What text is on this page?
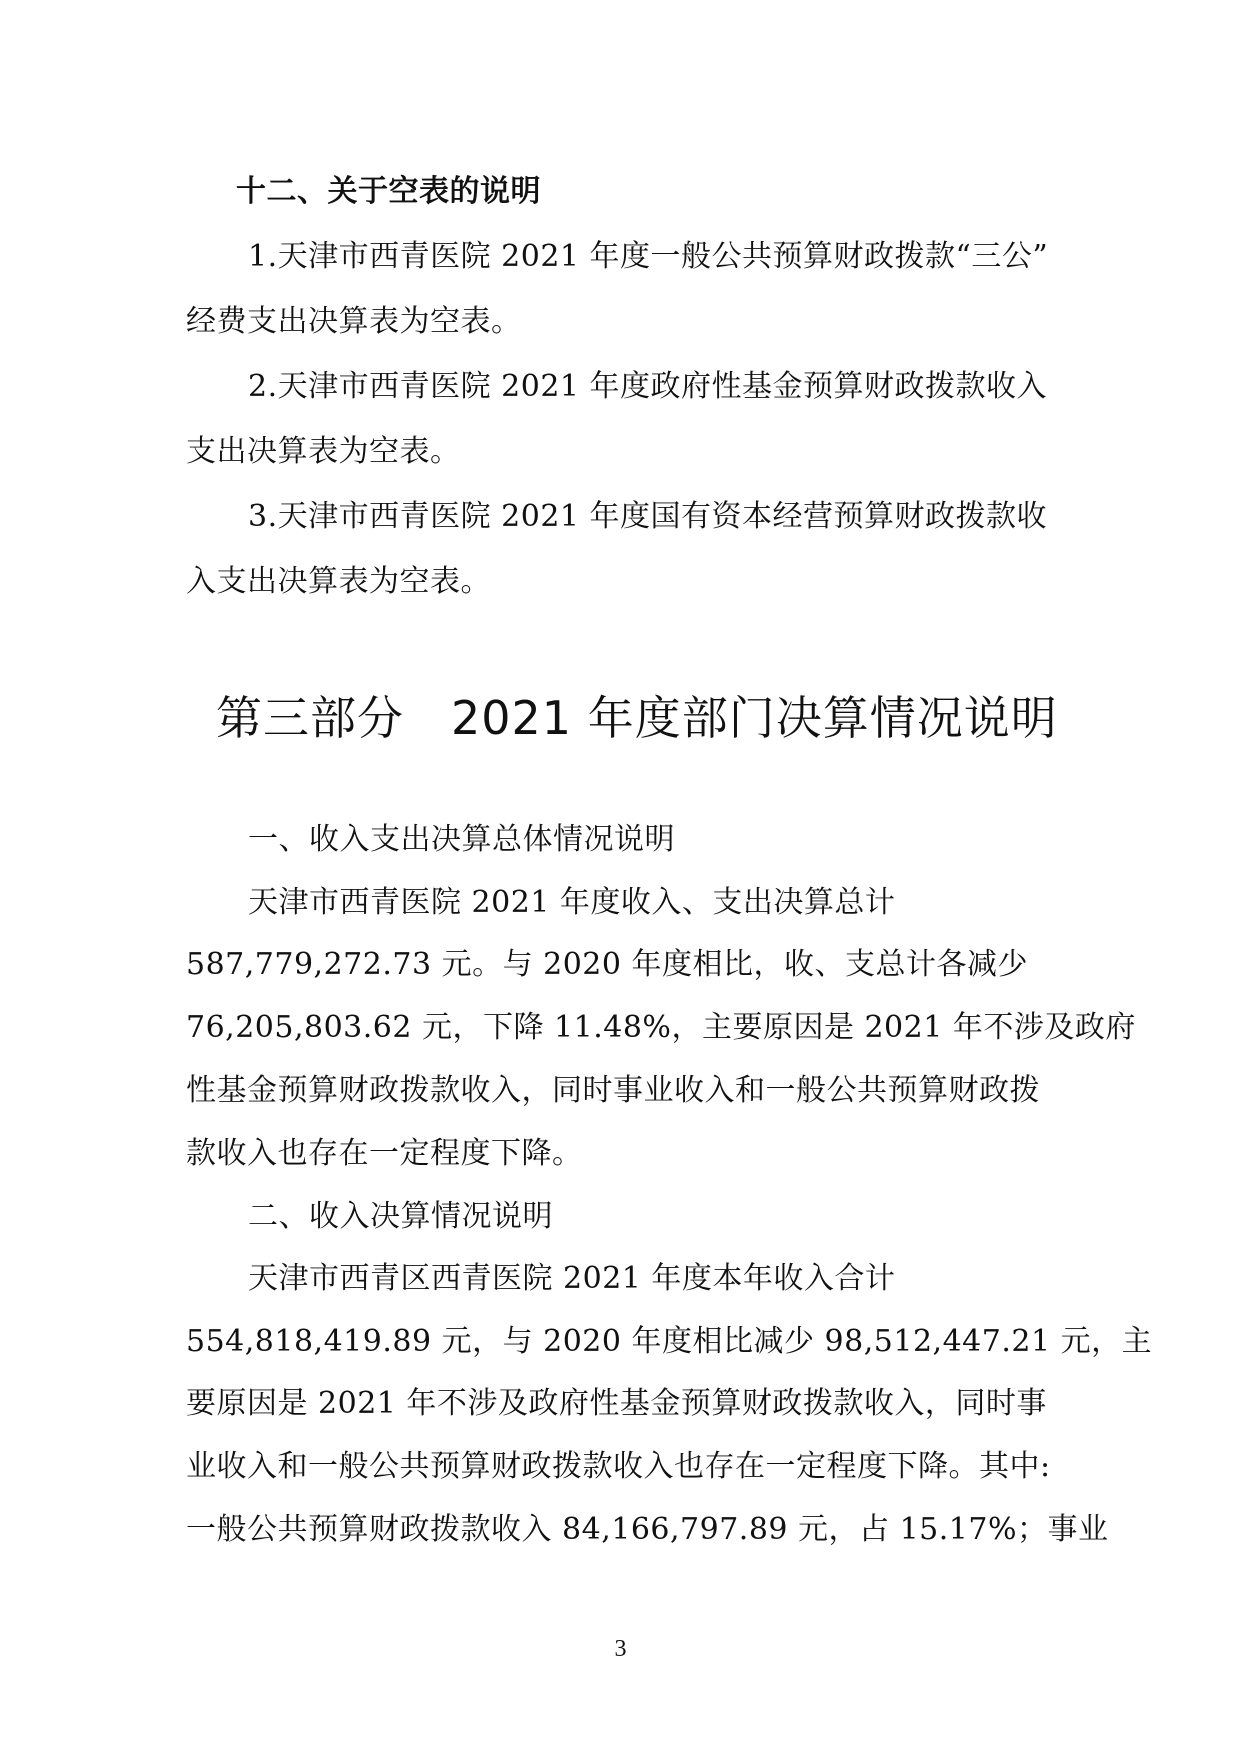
十二、关于空表的说明
1.天津市西青医院 2021 年度一般公共预算财政拨款“三公”
经费支出决算表为空表。
2.天津市西青医院 2021 年度政府性基金预算财政拨款收入
支出决算表为空表。
3.天津市西青医院 2021 年度国有资本经营预算财政拨款收
入支出决算表为空表。
第三部分　2021 年度部门决算情况说明
一、收入支出决算总体情况说明
天津市西青医院 2021 年度收入、支出决算总计
587,779,272.73 元。与 2020 年度相比，收、支总计各减少
76,205,803.62 元，下降 11.48%，主要原因是 2021 年不涉及政府
性基金预算财政拨款收入，同时事业收入和一般公共预算财政拨
款收入也存在一定程度下降。
二、收入决算情况说明
天津市西青区西青医院 2021 年度本年收入合计
554,818,419.89 元，与 2020 年度相比减少 98,512,447.21 元，主
要原因是 2021 年不涉及政府性基金预算财政拨款收入，同时事
业收入和一般公共预算财政拨款收入也存在一定程度下降。其中:
一般公共预算财政拨款收入 84,166,797.89 元，占 15.17%；事业
3
